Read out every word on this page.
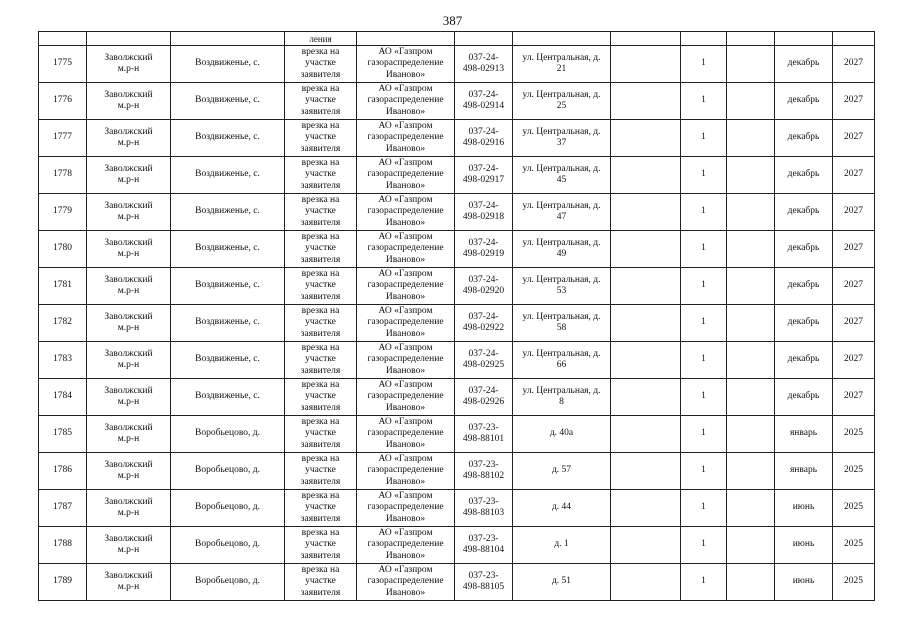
387
			ления								
1775	Заволжский
м.р-н	Воздвиженье, с.	врезка на
участке
заявителя	АО «Газпром
газораспределение
Иваново»	037-24-
498-02913	ул. Центральная, д.
21		1		декабрь	2027
1776	Заволжский
м.р-н	Воздвиженье, с.	врезка на
участке
заявителя	АО «Газпром
газораспределение
Иваново»	037-24-
498-02914	ул. Центральная, д.
25		1		декабрь	2027
1777	Заволжский
м.р-н	Воздвиженье, с.	врезка на
участке
заявителя	АО «Газпром
газораспределение
Иваново»	037-24-
498-02916	ул. Центральная, д.
37		1		декабрь	2027
1778	Заволжский
м.р-н	Воздвиженье, с.	врезка на
участке
заявителя	АО «Газпром
газораспределение
Иваново»	037-24-
498-02917	ул. Центральная, д.
45		1		декабрь	2027
1779	Заволжский
м.р-н	Воздвиженье, с.	врезка на
участке
заявителя	АО «Газпром
газораспределение
Иваново»	037-24-
498-02918	ул. Центральная, д.
47		1		декабрь	2027
1780	Заволжский
м.р-н	Воздвиженье, с.	врезка на
участке
заявителя	АО «Газпром
газораспределение
Иваново»	037-24-
498-02919	ул. Центральная, д.
49		1		декабрь	2027
1781	Заволжский
м.р-н	Воздвиженье, с.	врезка на
участке
заявителя	АО «Газпром
газораспределение
Иваново»	037-24-
498-02920	ул. Центральная, д.
53		1		декабрь	2027
1782	Заволжский
м.р-н	Воздвиженье, с.	врезка на
участке
заявителя	АО «Газпром
газораспределение
Иваново»	037-24-
498-02922	ул. Центральная, д.
58		1		декабрь	2027
1783	Заволжский
м.р-н	Воздвиженье, с.	врезка на
участке
заявителя	АО «Газпром
газораспределение
Иваново»	037-24-
498-02925	ул. Центральная, д.
66		1		декабрь	2027
1784	Заволжский
м.р-н	Воздвиженье, с.	врезка на
участке
заявителя	АО «Газпром
газораспределение
Иваново»	037-24-
498-02926	ул. Центральная, д.
8		1		декабрь	2027
1785	Заволжский
м.р-н	Воробьецово, д.	врезка на
участке
заявителя	АО «Газпром
газораспределение
Иваново»	037-23-
498-88101	д. 40а		1		январь	2025
1786	Заволжский
м.р-н	Воробьецово, д.	врезка на
участке
заявителя	АО «Газпром
газораспределение
Иваново»	037-23-
498-88102	д. 57		1		январь	2025
1787	Заволжский
м.р-н	Воробьецово, д.	врезка на
участке
заявителя	АО «Газпром
газораспределение
Иваново»	037-23-
498-88103	д. 44		1		июнь	2025
1788	Заволжский
м.р-н	Воробьецово, д.	врезка на
участке
заявителя	АО «Газпром
газораспределение
Иваново»	037-23-
498-88104	д. 1		1		июнь	2025
1789	Заволжский
м.р-н	Воробьецово, д.	врезка на
участке
заявителя	АО «Газпром
газораспределение
Иваново»	037-23-
498-88105	д. 51		1		июнь	2025
